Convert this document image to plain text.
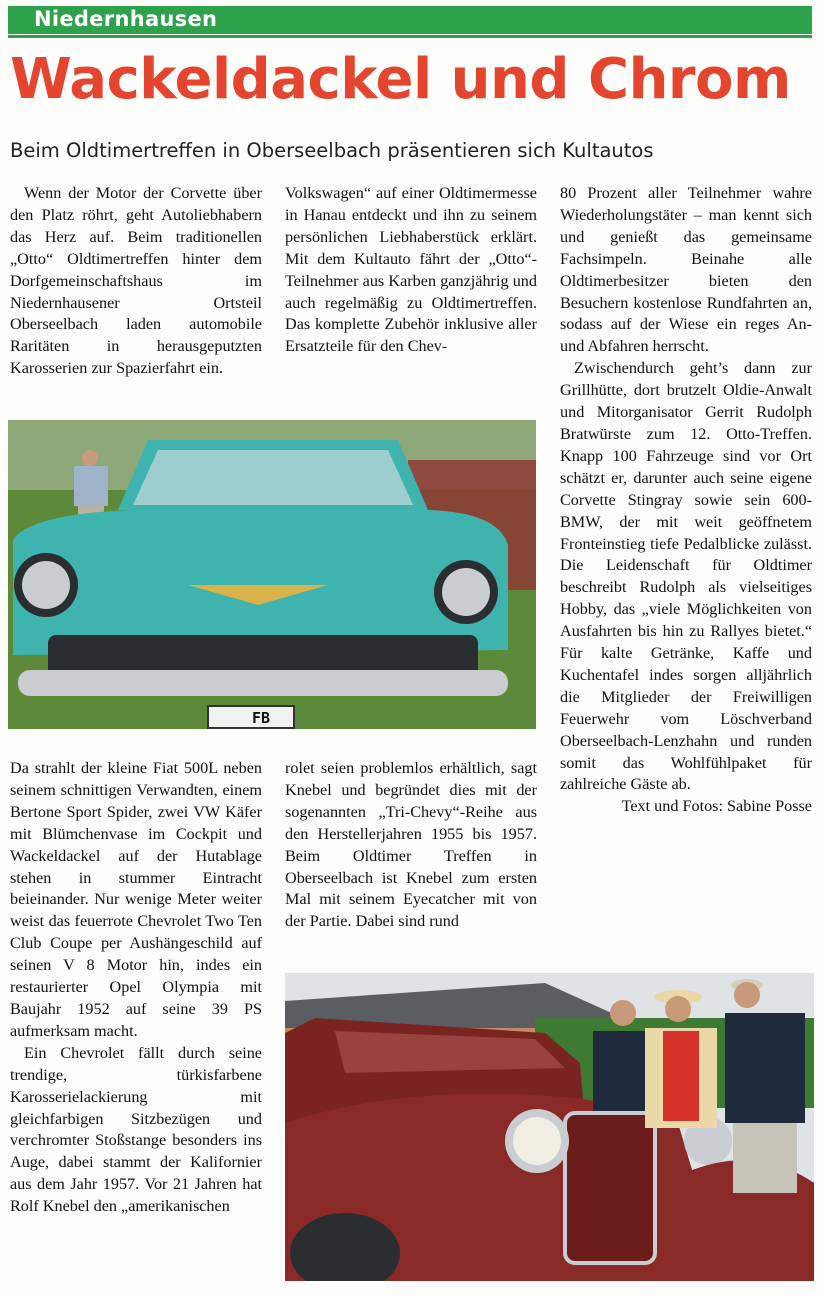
Niedernhausen
Wackeldackel und Chrom
Beim Oldtimertreffen in Oberseelbach präsentieren sich Kultautos

Wenn der Motor der Corvette über den Platz röhrt, geht Autoliebhabern das Herz auf. Beim traditionellen „Otto“ Oldtimertreffen hinter dem Dorfgemeinschaftshaus im Niedernhausener Ortsteil Oberseelbach laden automobile Raritäten in herausgeputzten Karosserien zur Spazierfahrt ein.

Volkswagen“ auf einer Oldtimermesse in Hanau entdeckt und ihn zu seinem persönlichen Liebhaberstück erklärt. Mit dem Kultauto fährt der „Otto“-Teilnehmer aus Karben ganzjährig und auch regelmäßig zu Oldtimertreffen. Das komplette Zubehör inklusive aller Ersatzteile für den Chev-

80 Prozent aller Teilnehmer wahre Wiederholungstäter – man kennt sich und genießt das gemeinsame Fachsimpeln. Beinahe alle Oldtimerbesitzer bieten den Besuchern kostenlose Rundfahrten an, sodass auf der Wiese ein reges An- und Abfahren herrscht.

Zwischendurch geht’s dann zur Grillhütte, dort brutzelt Oldie-Anwalt und Mitorganisator Gerrit Rudolph Bratwürste zum 12. Otto-Treffen. Knapp 100 Fahrzeuge sind vor Ort schätzt er, darunter auch seine eigene Corvette Stingray sowie sein 600-BMW, der mit weit geöffnetem Fronteinstieg tiefe Pedalblicke zulässt. Die Leidenschaft für Oldtimer beschreibt Rudolph als vielseitiges Hobby, das „viele Möglichkeiten von Ausfahrten bis hin zu Rallyes bietet.“ Für kalte Getränke, Kaffe und Kuchentafel indes sorgen alljährlich die Mitglieder der Freiwilligen Feuerwehr vom Löschverband Oberseelbach-Lenzhahn und runden somit das Wohlfühlpaket für zahlreiche Gäste ab.

Text und Fotos: Sabine Posse

Da strahlt der kleine Fiat 500L neben seinem schnittigen Verwandten, einem Bertone Sport Spider, zwei VW Käfer mit Blümchenvase im Cockpit und Wackeldackel auf der Hutablage stehen in stummer Eintracht beieinander. Nur wenige Meter weiter weist das feuerrote Chevrolet Two Ten Club Coupe per Aushängeschild auf seinen V 8 Motor hin, indes ein restaurierter Opel Olympia mit Baujahr 1952 auf seine 39 PS aufmerksam macht.

Ein Chevrolet fällt durch seine trendige, türkisfarbene Karosserielackierung mit gleichfarbigen Sitzbezügen und verchromter Stoßstange besonders ins Auge, dabei stammt der Kalifornier aus dem Jahr 1957. Vor 21 Jahren hat Rolf Knebel den „amerikanischen

rolet seien problemlos erhältlich, sagt Knebel und begründet dies mit der sogenannten „Tri-Chevy“-Reihe aus den Herstellerjahren 1955 bis 1957. Beim Oldtimer Treffen in Oberseelbach ist Knebel zum ersten Mal mit seinem Eyecatcher mit von der Partie. Dabei sind rund

FB
